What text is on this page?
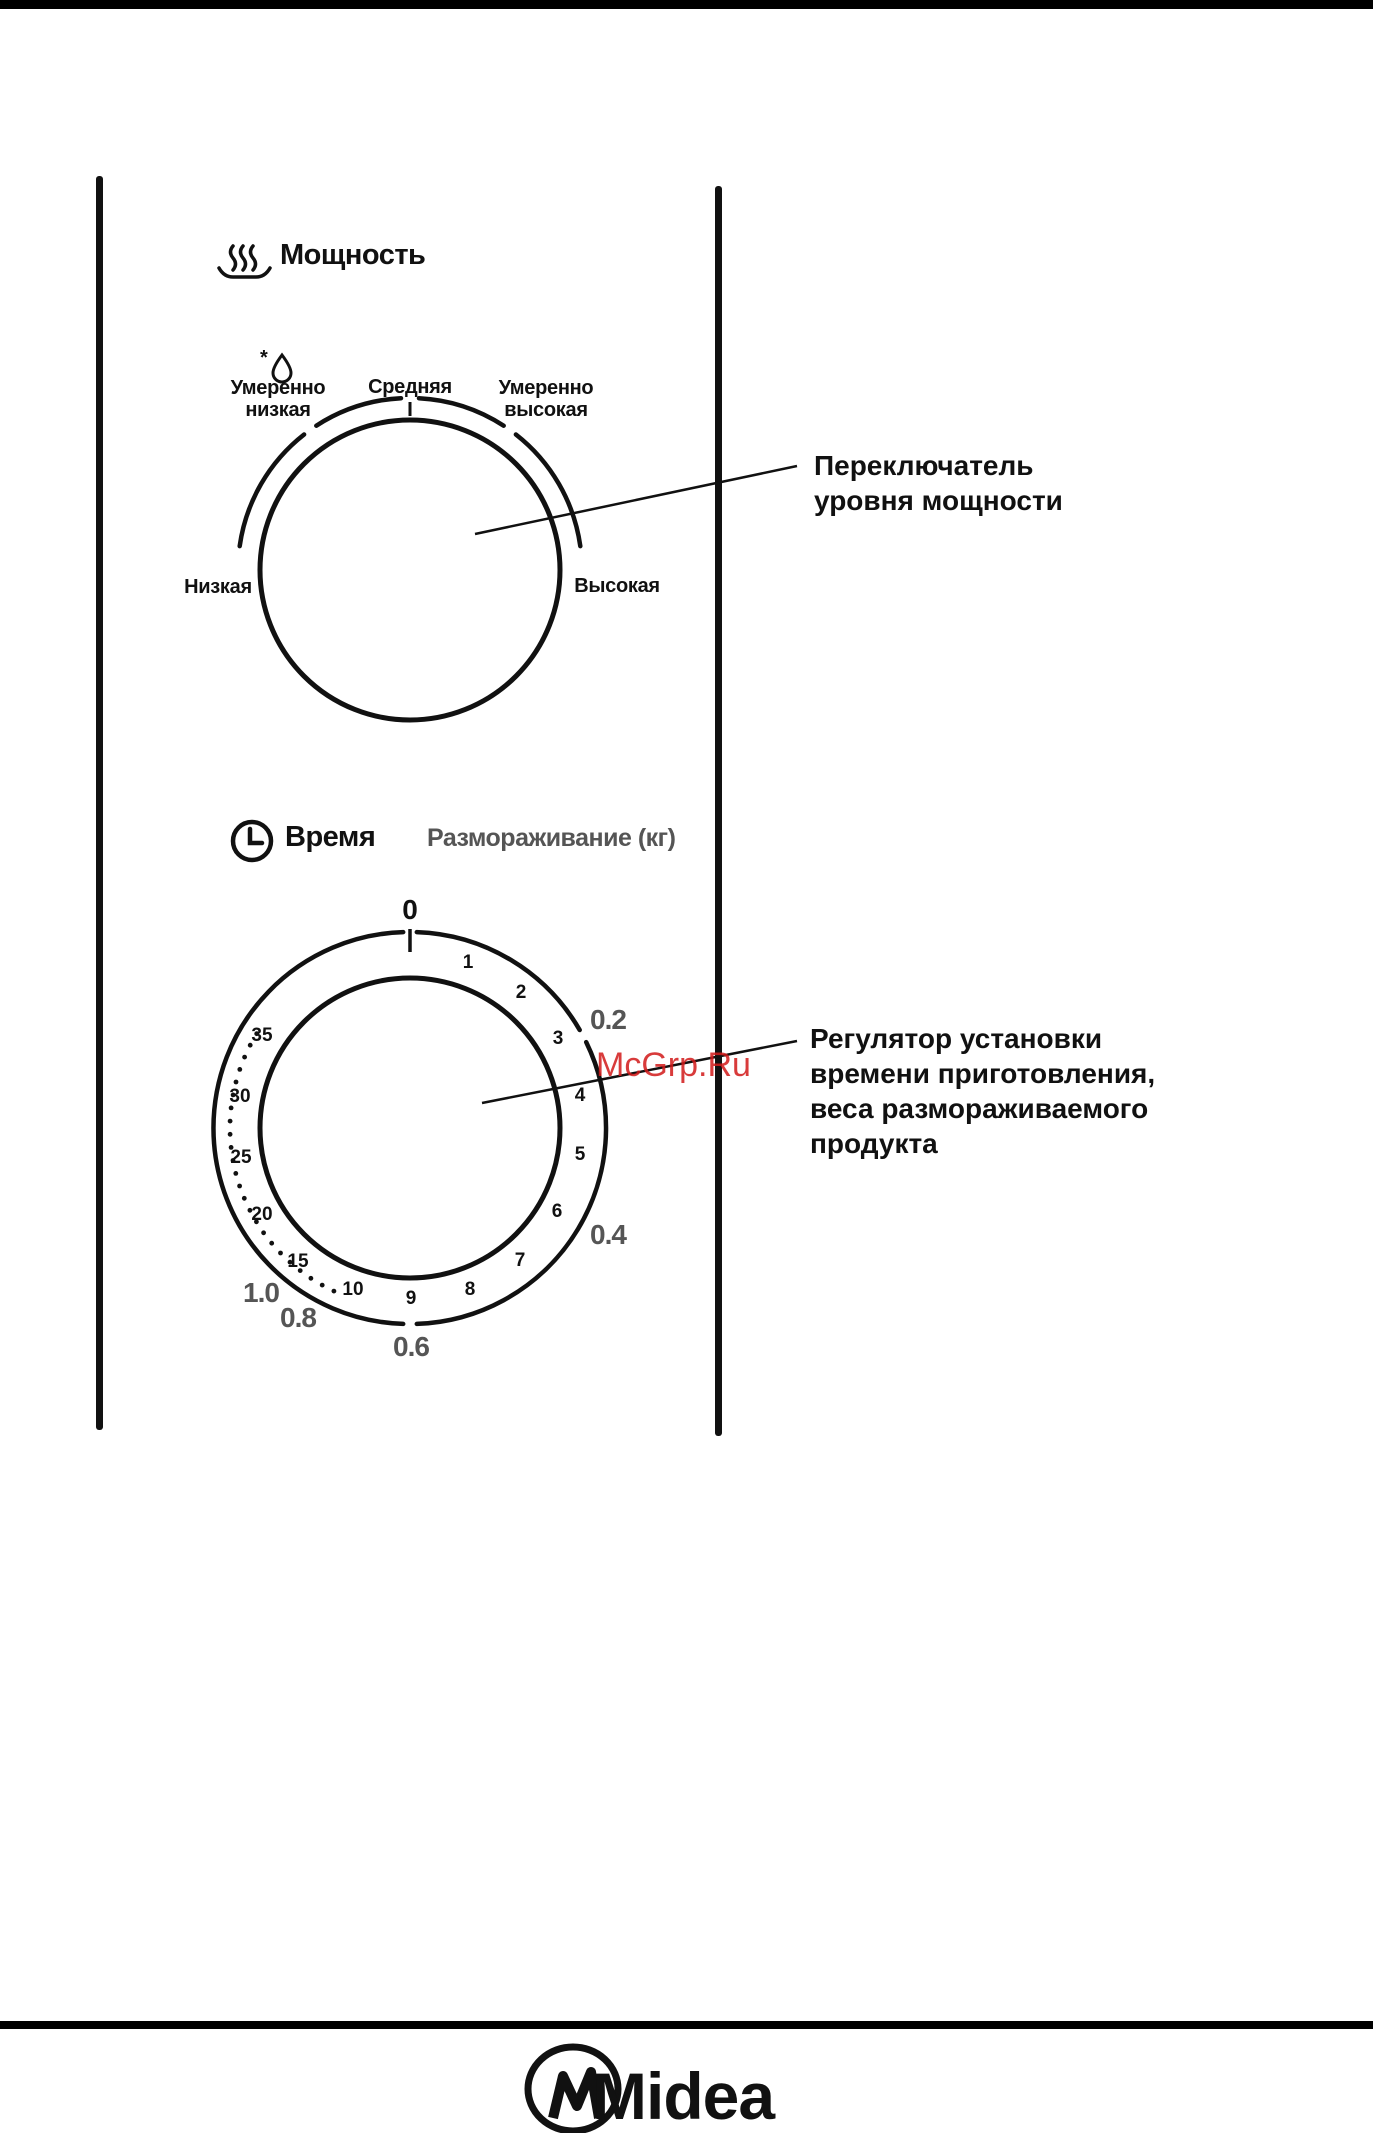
Мощность
Время Размораживание (кг)
Низкая
Умеренно
низкая
Средняя Умеренно
высокая
Высокая
*
0
1
2
3
4
5
6
7
8
9
10
15
20
25
30
35
0.2
0.4
0.6
0.8
1.0
Переключатель
уровня мощности
Регулятор установки
времени приготовления,
веса размораживаемого
продукта
McGrp.Ru
Midea
